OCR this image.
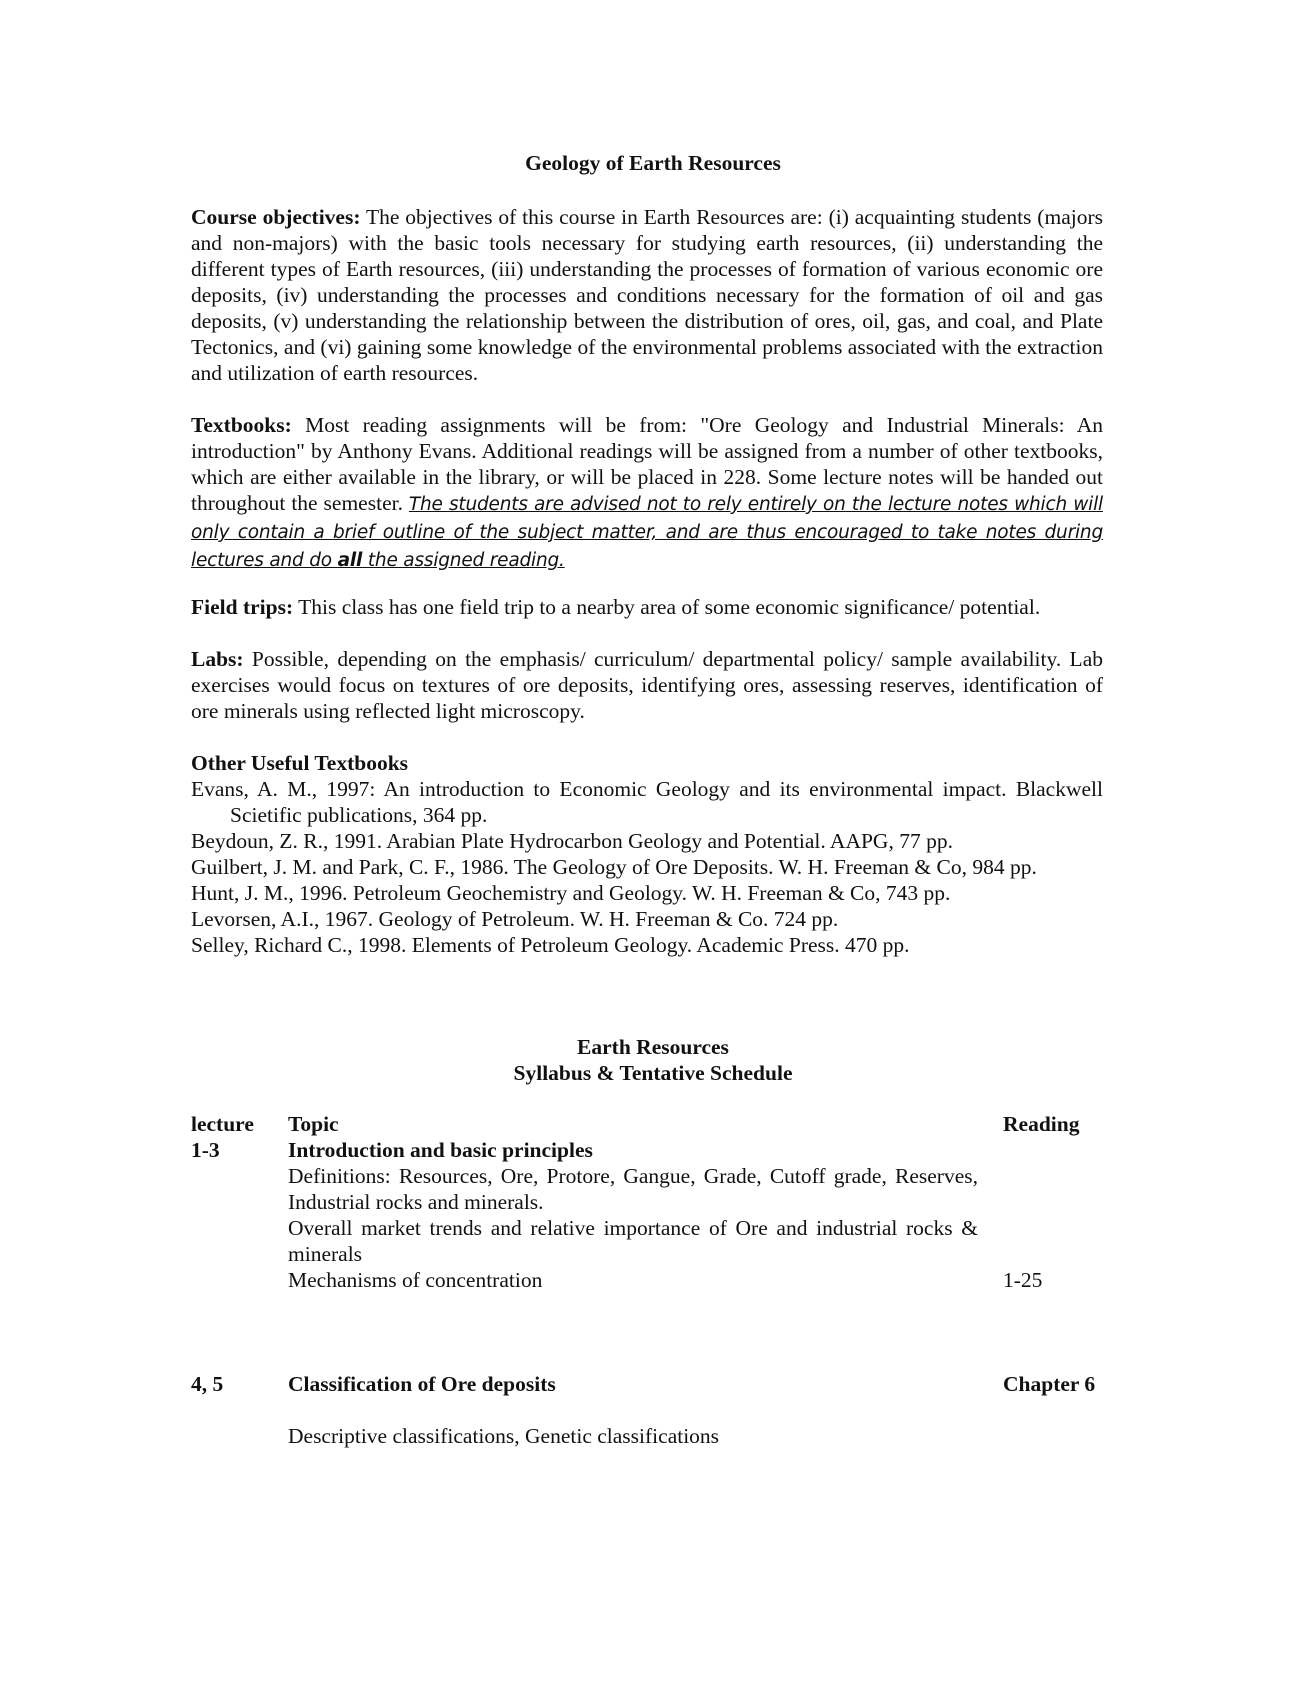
Geology of Earth Resources
Course objectives: The objectives of this course in Earth Resources are: (i) acquainting students (majors and non-majors) with the basic tools necessary for studying earth resources, (ii) understanding the different types of Earth resources, (iii) understanding the processes of formation of various economic ore deposits, (iv) understanding the processes and conditions necessary for the formation of oil and gas deposits, (v) understanding the relationship between the distribution of ores, oil, gas, and coal, and Plate Tectonics, and (vi) gaining some knowledge of the environmental problems associated with the extraction and utilization of earth resources.
Textbooks: Most reading assignments will be from: "Ore Geology and Industrial Minerals: An introduction" by Anthony Evans. Additional readings will be assigned from a number of other textbooks, which are either available in the library, or will be placed in 228. Some lecture notes will be handed out throughout the semester. The students are advised not to rely entirely on the lecture notes which will only contain a brief outline of the subject matter, and are thus encouraged to take notes during lectures and do all the assigned reading.
Field trips: This class has one field trip to a nearby area of some economic significance/ potential.
Labs: Possible, depending on the emphasis/ curriculum/ departmental policy/ sample availability. Lab exercises would focus on textures of ore deposits, identifying ores, assessing reserves, identification of ore minerals using reflected light microscopy.
Other Useful Textbooks

Evans, A. M., 1997: An introduction to Economic Geology and its environmental impact. Blackwell Scietific publications, 364 pp.

Beydoun, Z. R., 1991. Arabian Plate Hydrocarbon Geology and Potential. AAPG, 77 pp.

Guilbert, J. M. and Park, C. F., 1986. The Geology of Ore Deposits. W. H. Freeman & Co, 984 pp.

Hunt, J. M., 1996. Petroleum Geochemistry and Geology. W. H. Freeman & Co, 743 pp.

Levorsen, A.I., 1967. Geology of Petroleum. W. H. Freeman & Co. 724 pp.

Selley, Richard C., 1998. Elements of Petroleum Geology. Academic Press. 470 pp.

Earth Resources
Syllabus & Tentative Schedule
lecture	Topic	Reading
1-3	Introduction and basic principles
Definitions: Resources, Ore, Protore, Gangue, Grade, Cutoff grade, Reserves, Industrial rocks and minerals.
Overall market trends and relative importance of Ore and industrial rocks & minerals
Mechanisms of concentration	1-25
4, 5	Classification of Ore deposits	Chapter 6
Descriptive classifications, Genetic classifications
